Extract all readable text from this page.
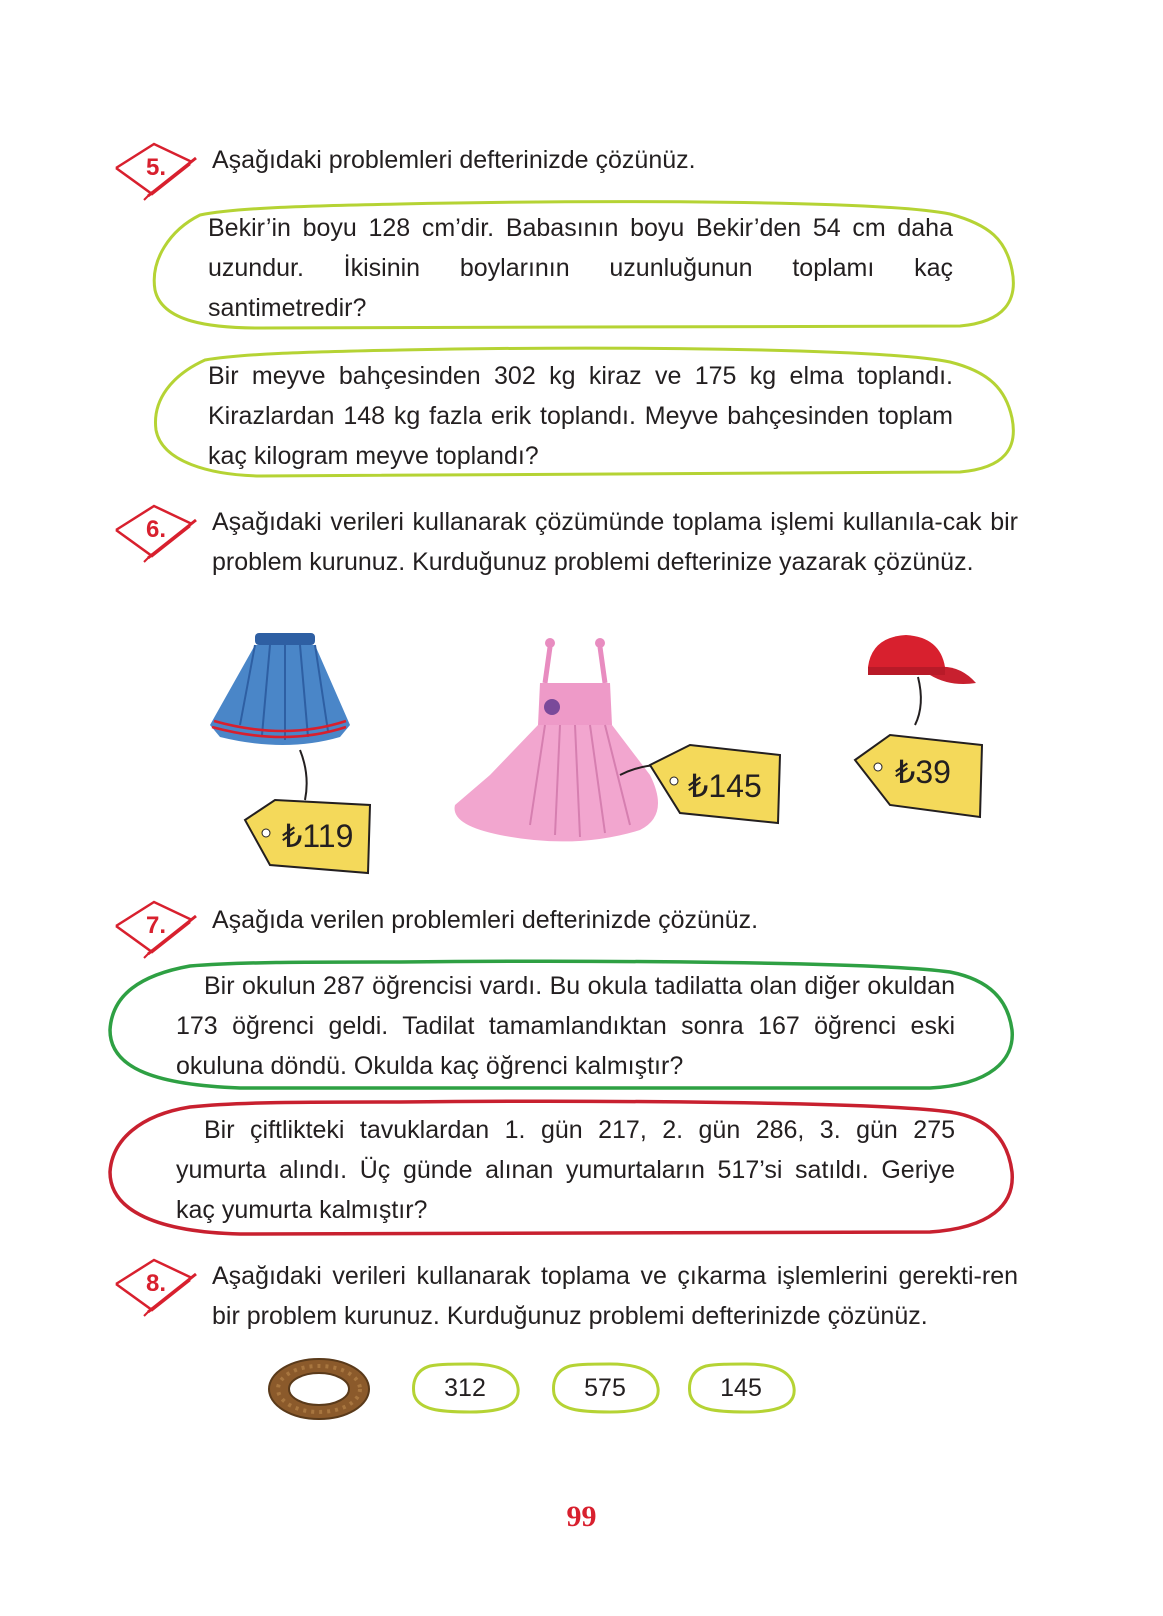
5.	Aşağıdaki problemleri defterinizde çözünüz.
Bekir’in boyu 128 cm’dir. Babasının boyu Bekir’den 54 cm daha uzundur. İkisinin boylarının uzunluğunun toplamı kaç santimetredir?
Bir meyve bahçesinden 302 kg kiraz ve 175 kg elma toplandı. Kirazlardan 148 kg fazla erik toplandı. Meyve bahçesinden toplam kaç kilogram meyve toplandı?
6.	Aşağıdaki verileri kullanarak çözümünde toplama işlemi kullanıla-cak bir problem kurunuz. Kurduğunuz problemi defterinize yazarak çözünüz.
₺119
₺145	₺39
7.	Aşağıda verilen problemleri defterinizde çözünüz.
Bir okulun 287 öğrencisi vardı. Bu okula tadilatta olan diğer okuldan 173 öğrenci geldi. Tadilat tamamlandıktan sonra 167 öğrenci eski okuluna döndü. Okulda kaç öğrenci kalmıştır?
Bir çiftlikteki tavuklardan 1. gün 217, 2. gün 286, 3. gün 275 yumurta alındı. Üç günde alınan yumurtaların 517’si satıldı. Geriye kaç yumurta kalmıştır?
8.	Aşağıdaki verileri kullanarak toplama ve çıkarma işlemlerini gerekti-ren bir problem kurunuz. Kurduğunuz problemi defterinizde çözünüz.
312	575	145
99
